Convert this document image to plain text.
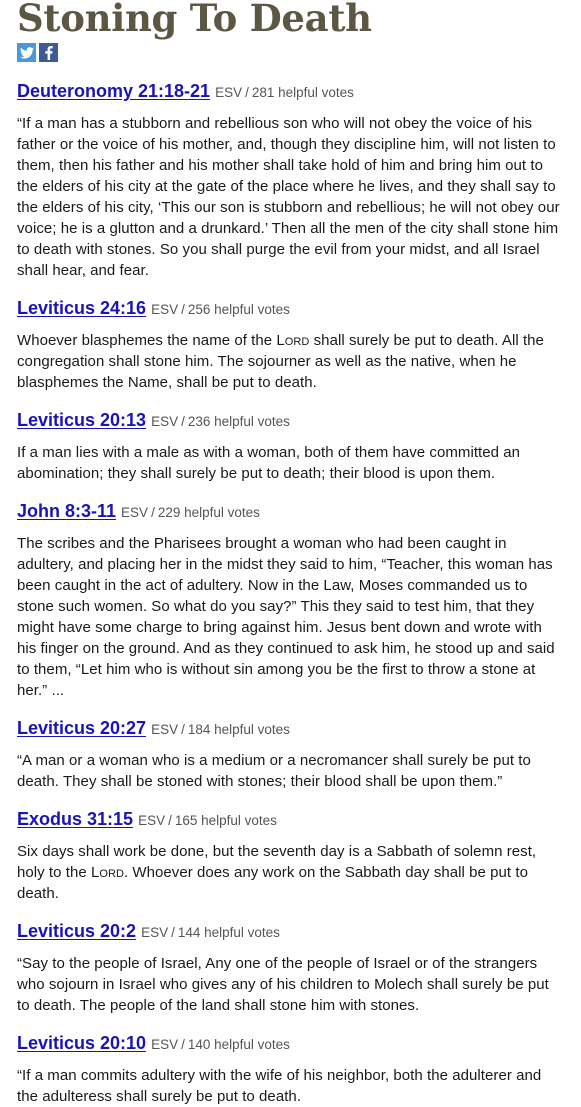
Stoning To Death
Deuteronomy 21:18-21 ESV / 281 helpful votes

“If a man has a stubborn and rebellious son who will not obey the voice of his father or the voice of his mother, and, though they discipline him, will not listen to them, then his father and his mother shall take hold of him and bring him out to the elders of his city at the gate of the place where he lives, and they shall say to the elders of his city, ‘This our son is stubborn and rebellious; he will not obey our voice; he is a glutton and a drunkard.’ Then all the men of the city shall stone him to death with stones. So you shall purge the evil from your midst, and all Israel shall hear, and fear.

Leviticus 24:16 ESV / 256 helpful votes

Whoever blasphemes the name of the Lord shall surely be put to death. All the congregation shall stone him. The sojourner as well as the native, when he blasphemes the Name, shall be put to death.

Leviticus 20:13 ESV / 236 helpful votes

If a man lies with a male as with a woman, both of them have committed an abomination; they shall surely be put to death; their blood is upon them.

John 8:3-11 ESV / 229 helpful votes

The scribes and the Pharisees brought a woman who had been caught in adultery, and placing her in the midst they said to him, “Teacher, this woman has been caught in the act of adultery. Now in the Law, Moses commanded us to stone such women. So what do you say?” This they said to test him, that they might have some charge to bring against him. Jesus bent down and wrote with his finger on the ground. And as they continued to ask him, he stood up and said to them, “Let him who is without sin among you be the first to throw a stone at her.” ...

Leviticus 20:27 ESV / 184 helpful votes

“A man or a woman who is a medium or a necromancer shall surely be put to death. They shall be stoned with stones; their blood shall be upon them.”

Exodus 31:15 ESV / 165 helpful votes

Six days shall work be done, but the seventh day is a Sabbath of solemn rest, holy to the Lord. Whoever does any work on the Sabbath day shall be put to death.

Leviticus 20:2 ESV / 144 helpful votes

“Say to the people of Israel, Any one of the people of Israel or of the strangers who sojourn in Israel who gives any of his children to Molech shall surely be put to death. The people of the land shall stone him with stones.

Leviticus 20:10 ESV / 140 helpful votes

“If a man commits adultery with the wife of his neighbor, both the adulterer and the adulteress shall surely be put to death.
